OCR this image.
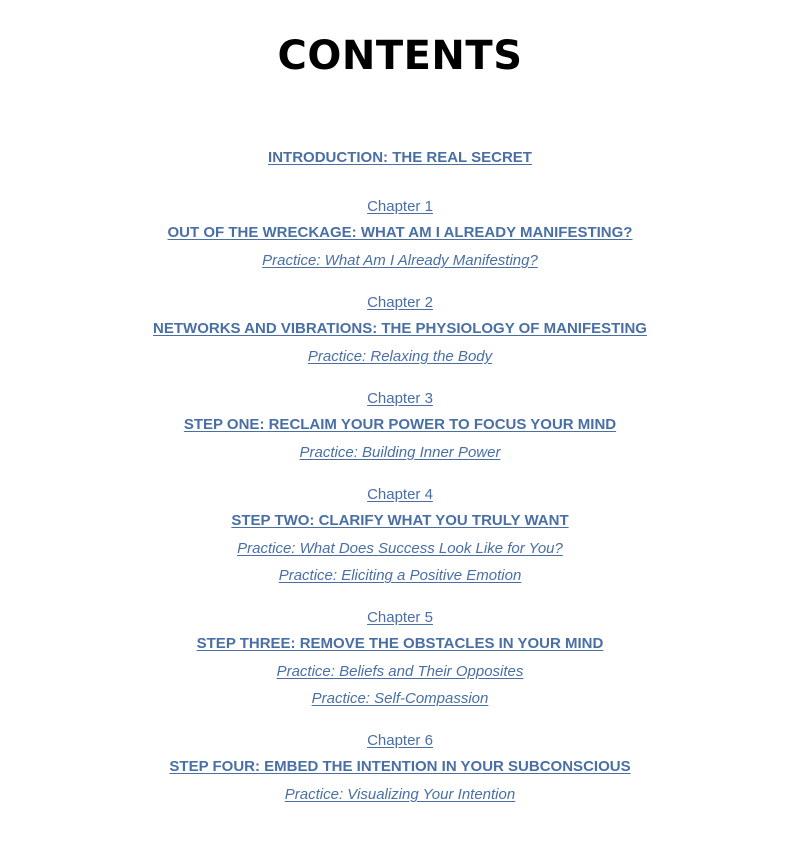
CONTENTS
INTRODUCTION: THE REAL SECRET
Chapter 1
OUT OF THE WRECKAGE: WHAT AM I ALREADY MANIFESTING?
Practice: What Am I Already Manifesting?
Chapter 2
NETWORKS AND VIBRATIONS: THE PHYSIOLOGY OF MANIFESTING
Practice: Relaxing the Body
Chapter 3
STEP ONE: RECLAIM YOUR POWER TO FOCUS YOUR MIND
Practice: Building Inner Power
Chapter 4
STEP TWO: CLARIFY WHAT YOU TRULY WANT
Practice: What Does Success Look Like for You?
Practice: Eliciting a Positive Emotion
Chapter 5
STEP THREE: REMOVE THE OBSTACLES IN YOUR MIND
Practice: Beliefs and Their Opposites
Practice: Self-Compassion
Chapter 6
STEP FOUR: EMBED THE INTENTION IN YOUR SUBCONSCIOUS
Practice: Visualizing Your Intention
